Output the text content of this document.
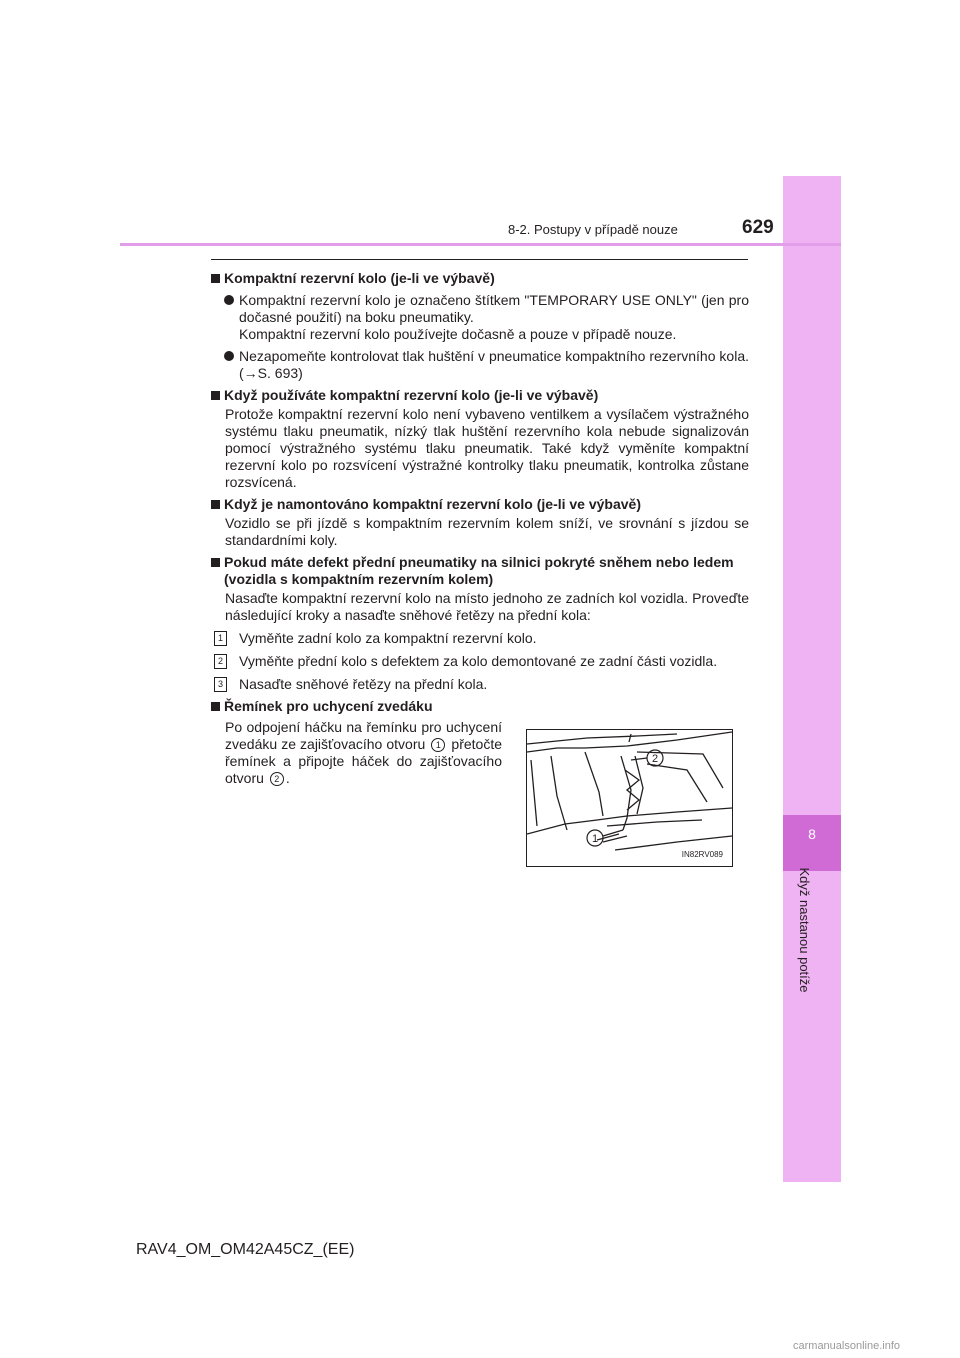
8
Když nastanou potíže
8-2. Postupy v případě nouze	629
Kompaktní rezervní kolo (je-li ve výbavě)
Kompaktní rezervní kolo je označeno štítkem "TEMPORARY USE ONLY" (jen pro dočasné použití) na boku pneumatiky.
Kompaktní rezervní kolo používejte dočasně a pouze v případě nouze.
Nezapomeňte kontrolovat tlak huštění v pneumatice kompaktního rezervního kola. (→S. 693)
Když používáte kompaktní rezervní kolo (je-li ve výbavě)
Protože kompaktní rezervní kolo není vybaveno ventilkem a vysílačem výstražného systému tlaku pneumatik, nízký tlak huštění rezervního kola nebude signalizován pomocí výstražného systému tlaku pneumatik. Také když vyměníte kompaktní rezervní kolo po rozsvícení výstražné kontrolky tlaku pneumatik, kontrolka zůstane rozsvícená.
Když je namontováno kompaktní rezervní kolo (je-li ve výbavě)
Vozidlo se při jízdě s kompaktním rezervním kolem sníží, ve srovnání s jízdou se standardními koly.
Pokud máte defekt přední pneumatiky na silnici pokryté sněhem nebo ledem (vozidla s kompaktním rezervním kolem)
Nasaďte kompaktní rezervní kolo na místo jednoho ze zadních kol vozidla. Proveďte následující kroky a nasaďte sněhové řetězy na přední kola:
1 Vyměňte zadní kolo za kompaktní rezervní kolo.
2 Vyměňte přední kolo s defektem za kolo demontované ze zadní části vozidla.
3 Nasaďte sněhové řetězy na přední kola.
Řemínek pro uchycení zvedáku
Po odpojení háčku na řemínku pro uchycení zvedáku ze zajišťovacího otvoru 1 přetočte řemínek a připojte háček do zajišťovacího otvoru 2 .
2
1
IN82RV089
RAV4_OM_OM42A45CZ_(EE)
carmanualsonline.info
